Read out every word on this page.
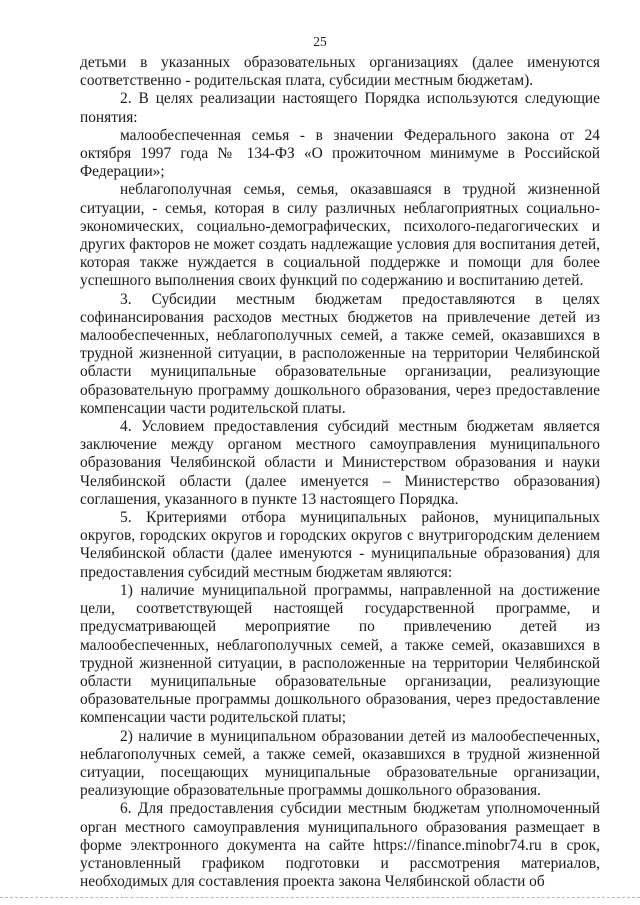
25

детьми в указанных образовательных организациях (далее именуются соответственно - родительская плата, субсидии местным бюджетам).

2. В целях реализации настоящего Порядка используются следующие понятия:

малообеспеченная семья - в значении Федерального закона от 24 октября 1997 года № 134-ФЗ «О прожиточном минимуме в Российской Федерации»;

неблагополучная семья, семья, оказавшаяся в трудной жизненной ситуации, - семья, которая в силу различных неблагоприятных социально-экономических, социально-демографических, психолого-педагогических и других факторов не может создать надлежащие условия для воспитания детей, которая также нуждается в социальной поддержке и помощи для более успешного выполнения своих функций по содержанию и воспитанию детей.

3. Субсидии местным бюджетам предоставляются в целях софинансирования расходов местных бюджетов на привлечение детей из малообеспеченных, неблагополучных семей, а также семей, оказавшихся в трудной жизненной ситуации, в расположенные на территории Челябинской области муниципальные образовательные организации, реализующие образовательную программу дошкольного образования, через предоставление компенсации части родительской платы.

4. Условием предоставления субсидий местным бюджетам является заключение между органом местного самоуправления муниципального образования Челябинской области и Министерством образования и науки Челябинской области (далее именуется – Министерство образования) соглашения, указанного в пункте 13 настоящего Порядка.

5. Критериями отбора муниципальных районов, муниципальных округов, городских округов и городских округов с внутригородским делением Челябинской области (далее именуются - муниципальные образования) для предоставления субсидий местным бюджетам являются:

1) наличие муниципальной программы, направленной на достижение цели, соответствующей настоящей государственной программе, и предусматривающей мероприятие по привлечению детей из малообеспеченных, неблагополучных семей, а также семей, оказавшихся в трудной жизненной ситуации, в расположенные на территории Челябинской области муниципальные образовательные организации, реализующие образовательные программы дошкольного образования, через предоставление компенсации части родительской платы;

2) наличие в муниципальном образовании детей из малообеспеченных, неблагополучных семей, а также семей, оказавшихся в трудной жизненной ситуации, посещающих муниципальные образовательные организации, реализующие образовательные программы дошкольного образования.

6. Для предоставления субсидии местным бюджетам уполномоченный орган местного самоуправления муниципального образования размещает в форме электронного документа на сайте https://finance.minobr74.ru в срок, установленный графиком подготовки и рассмотрения материалов, необходимых для составления проекта закона Челябинской области об
